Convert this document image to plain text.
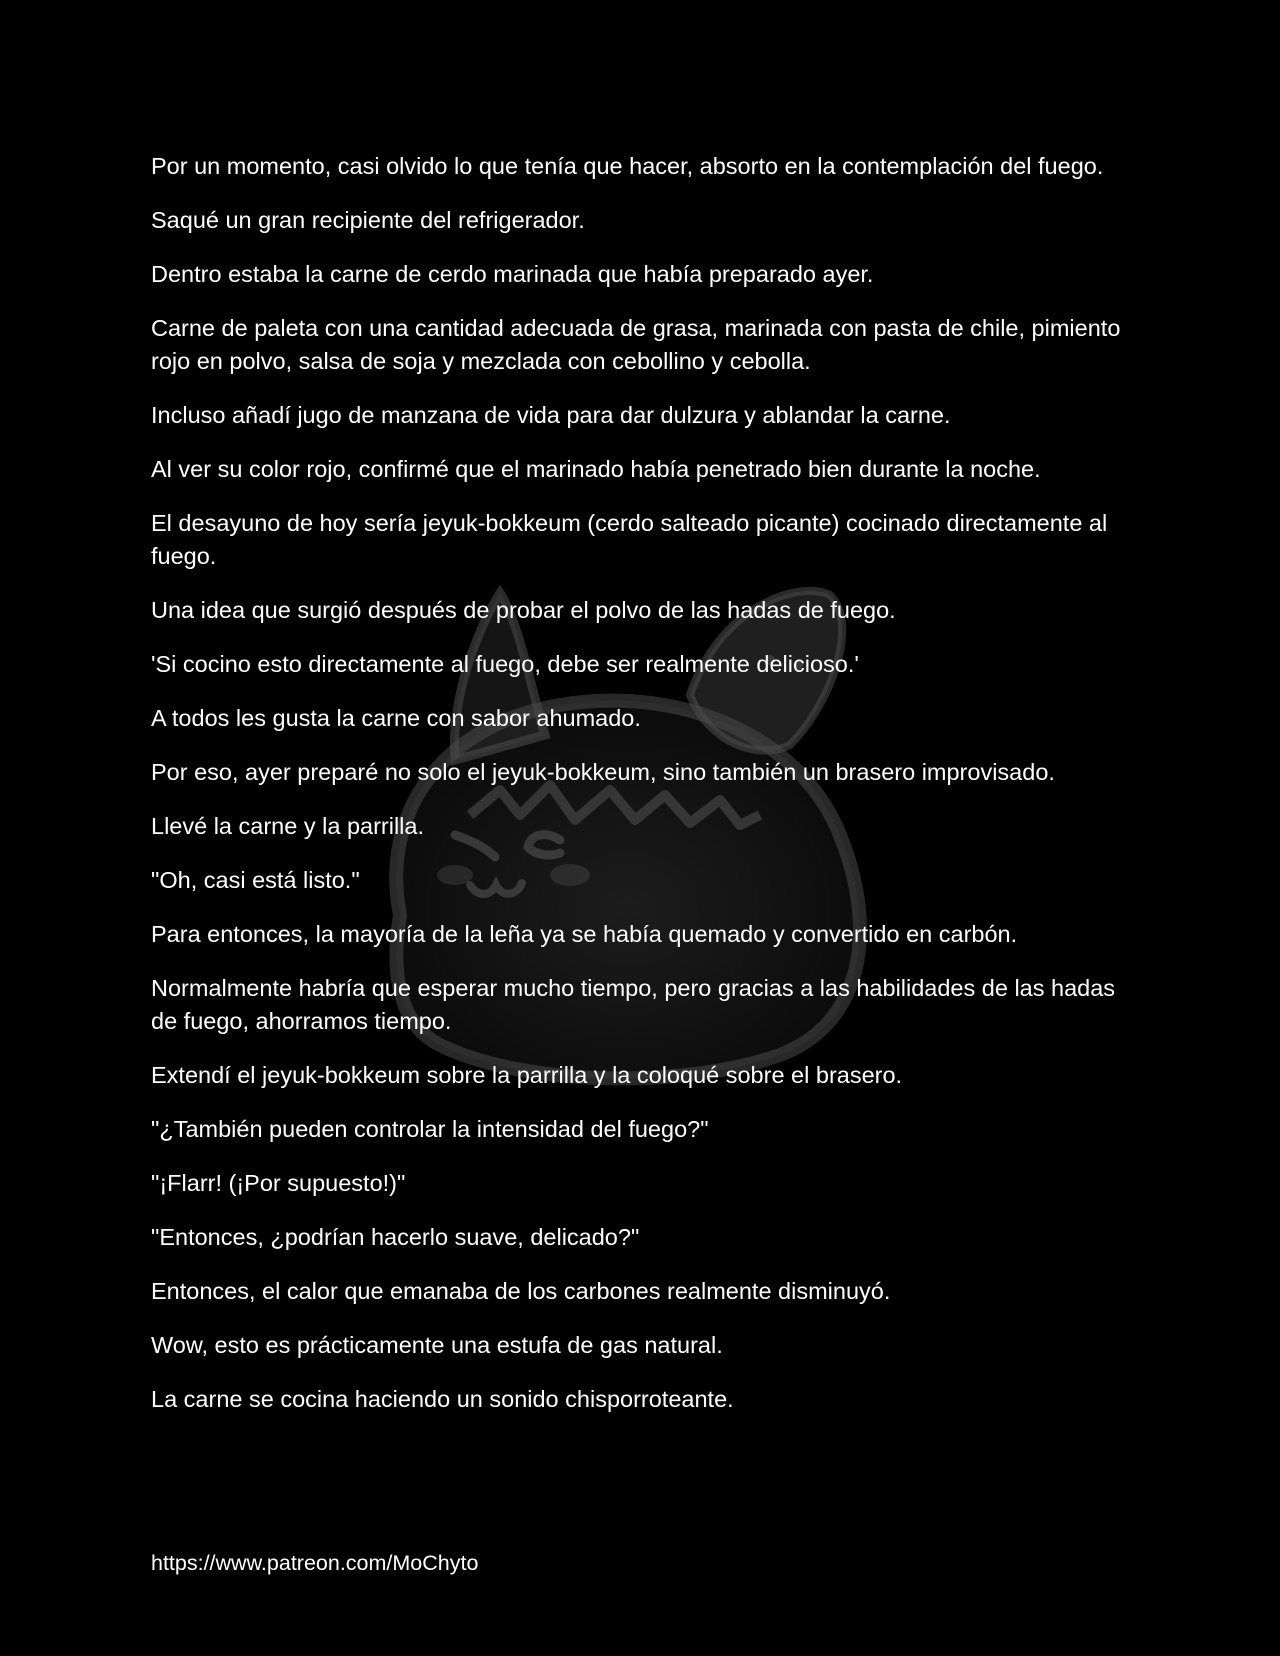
Por un momento, casi olvido lo que tenía que hacer, absorto en la contemplación del fuego.

Saqué un gran recipiente del refrigerador.

Dentro estaba la carne de cerdo marinada que había preparado ayer.

Carne de paleta con una cantidad adecuada de grasa, marinada con pasta de chile, pimiento rojo en polvo, salsa de soja y mezclada con cebollino y cebolla.

Incluso añadí jugo de manzana de vida para dar dulzura y ablandar la carne.

Al ver su color rojo, confirmé que el marinado había penetrado bien durante la noche.

El desayuno de hoy sería jeyuk-bokkeum (cerdo salteado picante) cocinado directamente al fuego.

Una idea que surgió después de probar el polvo de las hadas de fuego.

'Si cocino esto directamente al fuego, debe ser realmente delicioso.'

A todos les gusta la carne con sabor ahumado.

Por eso, ayer preparé no solo el jeyuk-bokkeum, sino también un brasero improvisado.

Llevé la carne y la parrilla.

"Oh, casi está listo."

Para entonces, la mayoría de la leña ya se había quemado y convertido en carbón.

Normalmente habría que esperar mucho tiempo, pero gracias a las habilidades de las hadas de fuego, ahorramos tiempo.

Extendí el jeyuk-bokkeum sobre la parrilla y la coloqué sobre el brasero.

"¿También pueden controlar la intensidad del fuego?"

"¡Flarr! (¡Por supuesto!)"

"Entonces, ¿podrían hacerlo suave, delicado?"

Entonces, el calor que emanaba de los carbones realmente disminuyó.

Wow, esto es prácticamente una estufa de gas natural.

La carne se cocina haciendo un sonido chisporroteante.

https://www.patreon.com/MoChyto
